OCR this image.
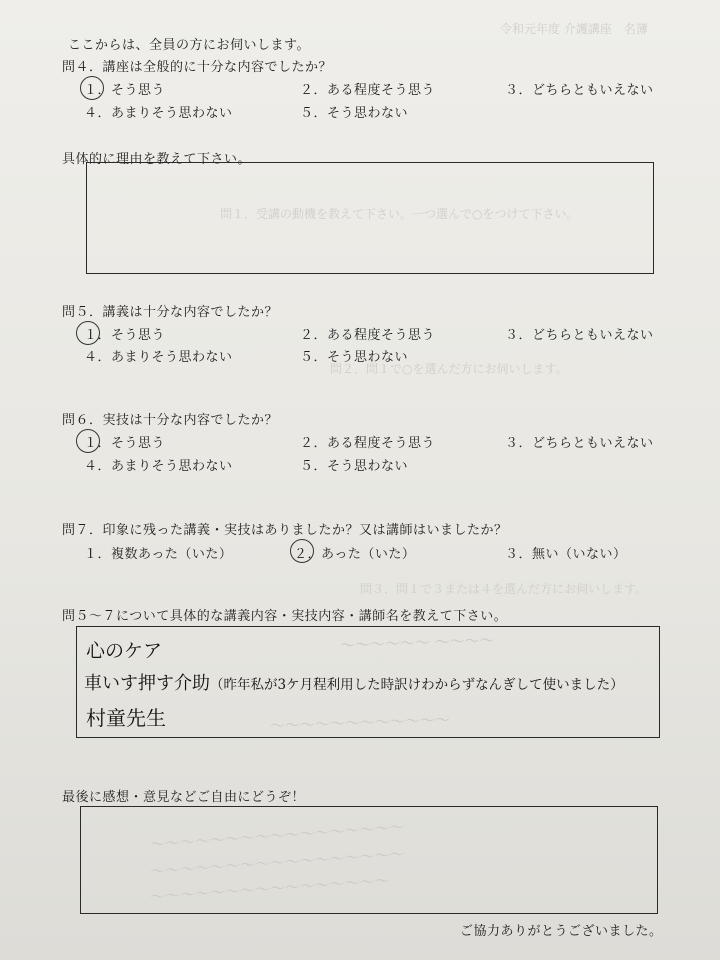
令和元年度 介護講座　名簿
問１．受講の動機を教えて下さい。一つ選んで○をつけて下さい。
問２．問１で○を選んだ方にお伺いします。
問３．問１で３または４を選んだ方にお伺いします。
ここからは、全員の方にお伺いします。
問４．講座は全般的に十分な内容でしたか？
１．そう思う	２．ある程度そう思う	３．どちらともいえない
４．あまりそう思わない	５．そう思わない
具体的に理由を教えて下さい。
問５．講義は十分な内容でしたか？
１．そう思う	２．ある程度そう思う	３．どちらともいえない
４．あまりそう思わない	５．そう思わない
問６．実技は十分な内容でしたか？
１．そう思う	２．ある程度そう思う	３．どちらともいえない
４．あまりそう思わない	５．そう思わない
問７．印象に残った講義・実技はありましたか？又は講師はいましたか？
１．複数あった（いた）	２．あった（いた）	３．無い（いない）
問５～７について具体的な講義内容・実技内容・講師名を教えて下さい。
～～～～～～ ～～～～
～～～～～～～～～～～～
心のケア
車いす押す介助（昨年私が3ケ月程利用した時訳けわからずなんぎして使いました）
村童先生
最後に感想・意見などご自由にどうぞ！
～～～～～～～～～～～～～～～～～
～～～～～～～～～～～～～～～～～
～～～～～～～～～～～～～～～～
ご協力ありがとうございました。
